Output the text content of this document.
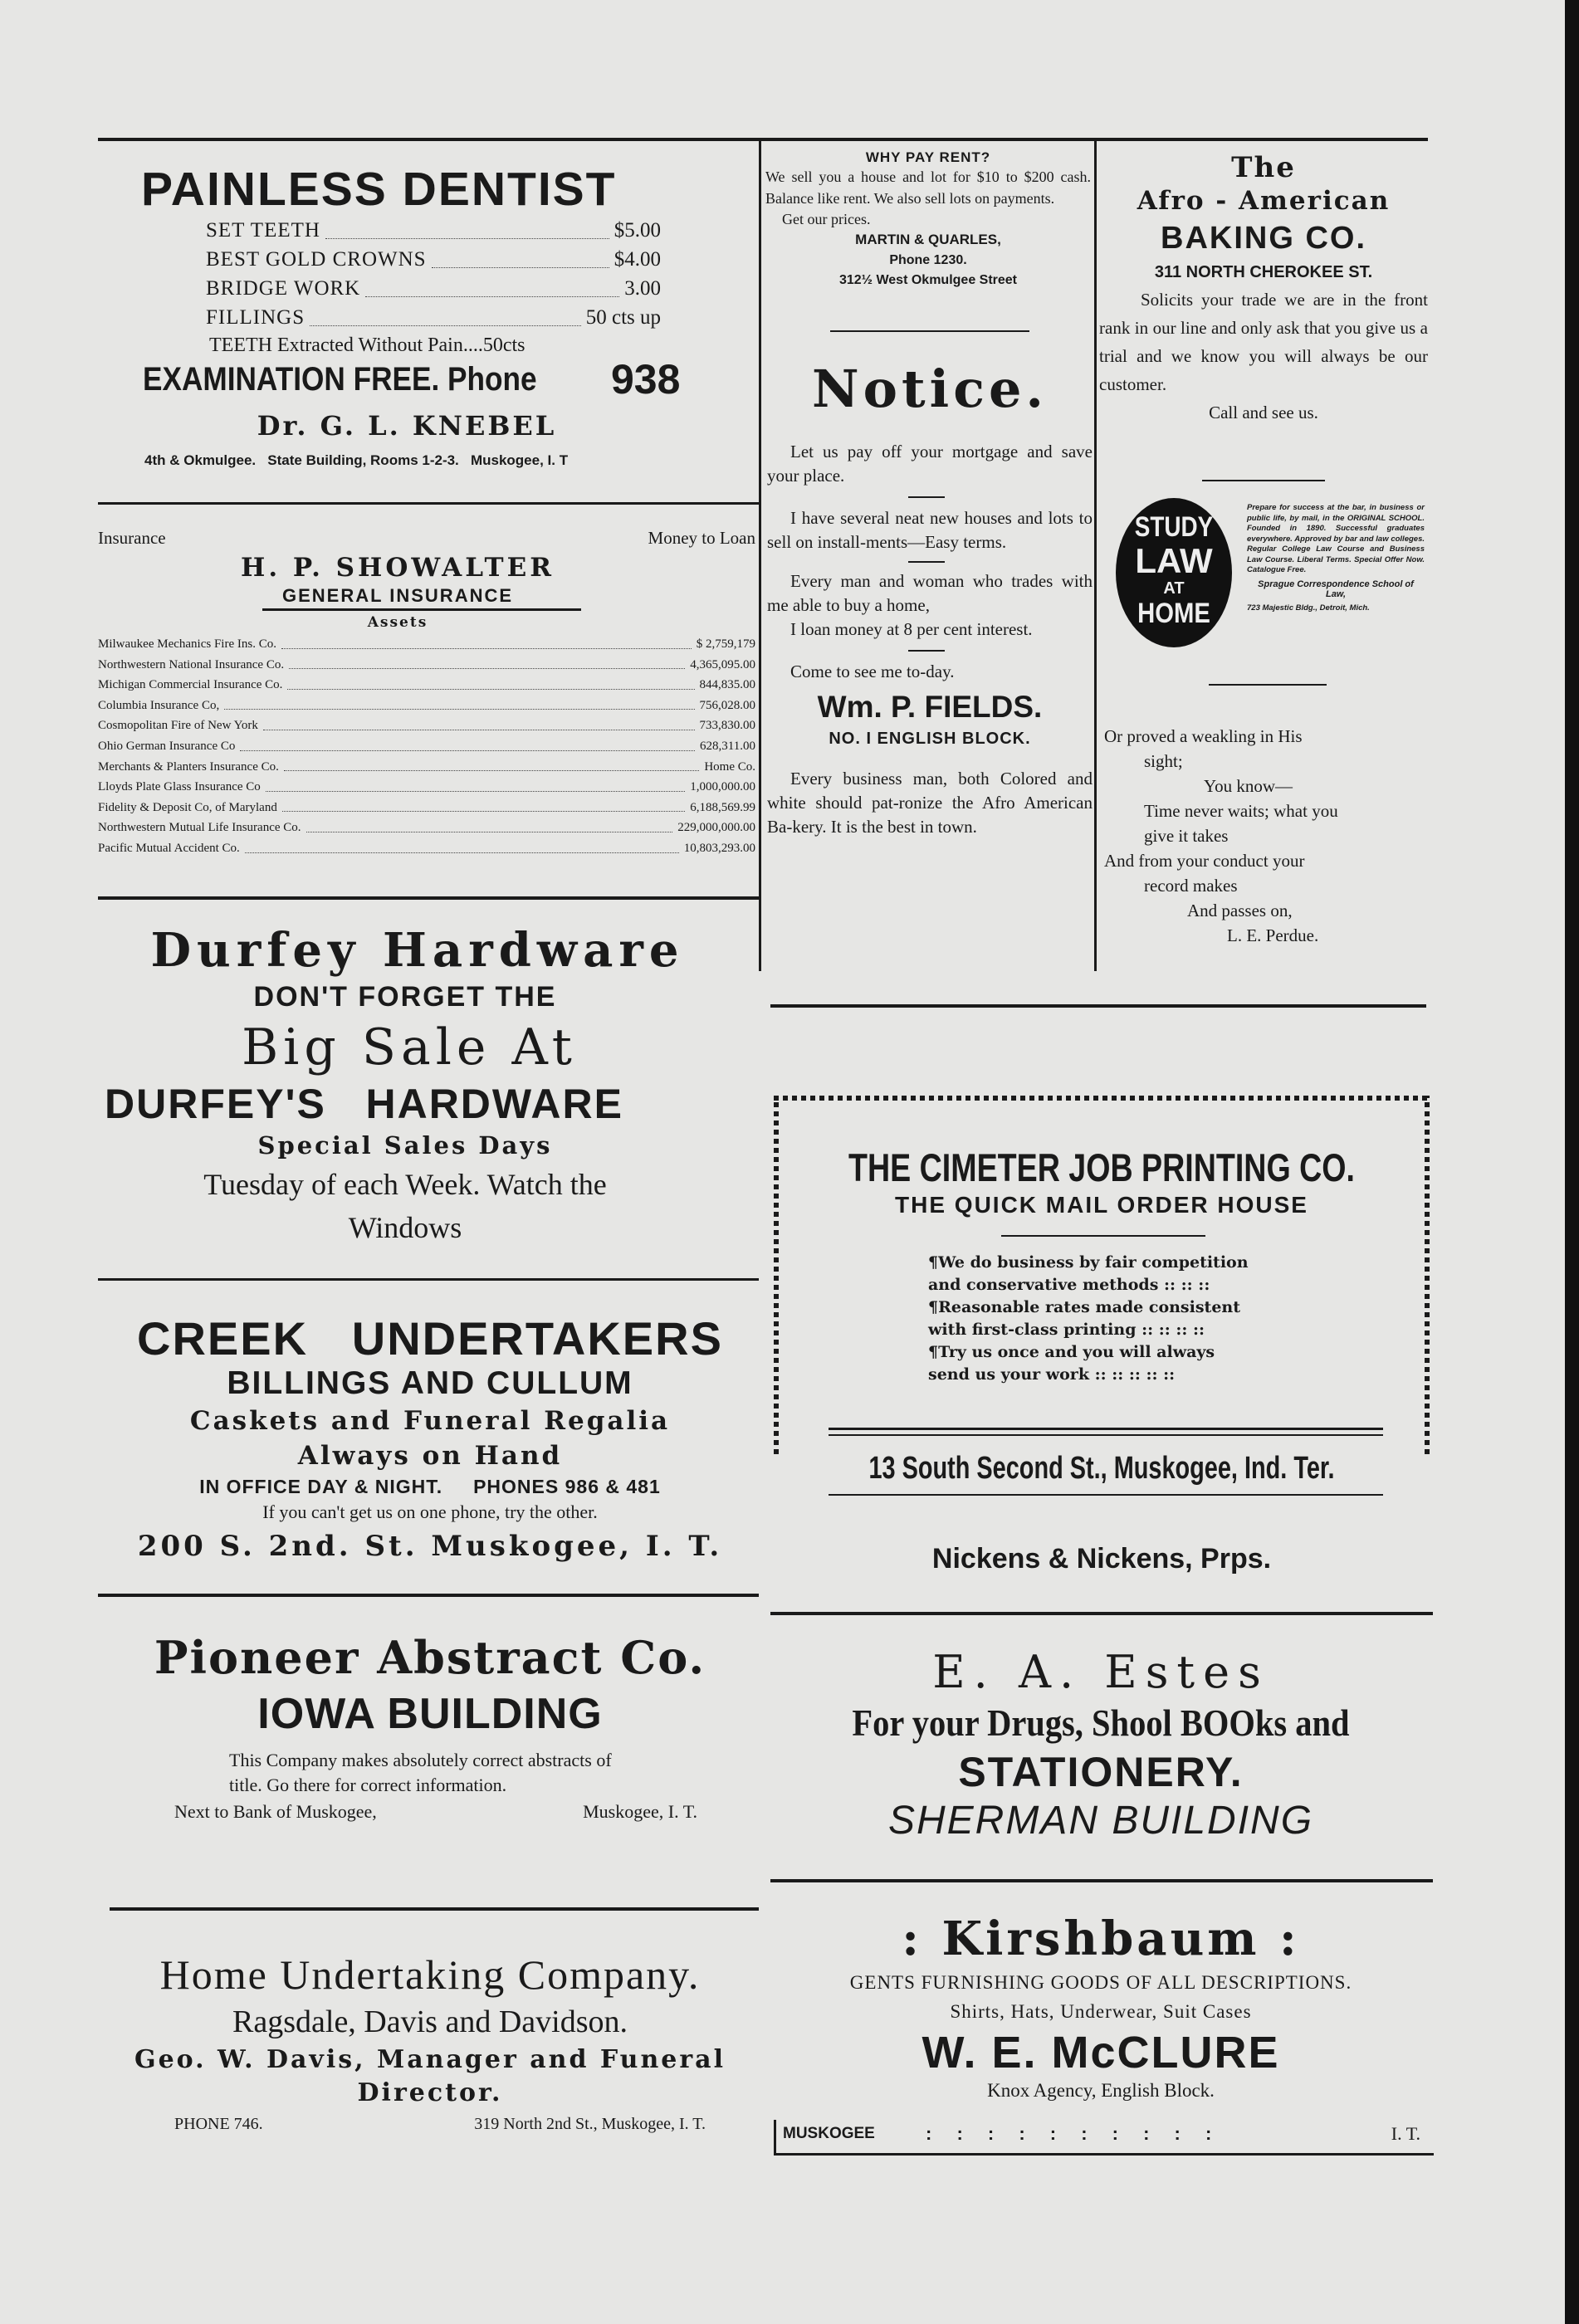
PAINLESS DENTIST
SET TEETH	$5.00
BEST GOLD CROWNS	$4.00
BRIDGE WORK	3.00
FILLINGS	50 cts up
TEETH Extracted Without Pain....50cts
EXAMINATION FREE. Phone 938
Dr. G. L. KNEBEL
4th & Okmulgee.   State Building, Rooms 1-2-3.   Muskogee, I. T
WHY PAY RENT?
We sell you a house and lot for $10 to $200 cash. Balance like rent. We also sell lots on payments.
Get our prices.
MARTIN & QUARLES,
Phone 1230.
312½ West Okmulgee Street
Notice.
Let us pay off your mortgage and save your place.
I have several neat new houses and lots to sell on install-ments—Easy terms.
Every man and woman who trades with me able to buy a home,
I loan money at 8 per cent interest.
Come to see me to-day.
Wm. P. FIELDS.
NO. I ENGLISH BLOCK.
Every business man, both Colored and white should pat-ronize the Afro American Ba-kery. It is the best in town.
The
Afro - American
BAKING CO.
311 NORTH CHEROKEE ST.
Solicits your trade we are in the front rank in our line and only ask that you give us a trial and we know you will always be our customer.
Call and see us.
STUDY
LAW
AT
HOME
Prepare for success at the bar, in business or public life, by mail, in the ORIGINAL SCHOOL. Founded in 1890. Successful graduates everywhere. Approved by bar and law colleges. Regular College Law Course and Business Law Course. Liberal Terms. Special Offer Now. Catalogue Free.
Sprague Correspondence School of Law,
723 Majestic Bldg., Detroit, Mich.
Or proved a weakling in His
sight;
You know—
Time never waits; what you
give it takes
And from your conduct your
record makes
And passes on,
L. E. Perdue.
Insurance	Money to Loan
H. P. SHOWALTER
GENERAL INSURANCE
Assets
Milwaukee Mechanics Fire Ins. Co.	$ 2,759,179
Northwestern National Insurance Co.	4,365,095.00
Michigan Commercial Insurance Co.	844,835.00
Columbia Insurance Co,	756,028.00
Cosmopolitan Fire of New York	733,830.00
Ohio German Insurance Co	628,311.00
Merchants & Planters Insurance Co.	Home Co.
Lloyds Plate Glass Insurance Co	1,000,000.00
Fidelity & Deposit Co, of Maryland	6,188,569.99
Northwestern Mutual Life Insurance Co.	229,000,000.00
Pacific Mutual Accident Co.	10,803,293.00
Durfey Hardware
DON'T FORGET THE
Big Sale At
DURFEY'S   HARDWARE
Special Sales Days
Tuesday of each Week. Watch the
Windows
THE CIMETER JOB PRINTING CO.
THE QUICK MAIL ORDER HOUSE
¶We do business by fair competition
and conservative methods :: :: ::
¶Reasonable rates made consistent
with first-class printing :: :: :: ::
¶Try us once and you will always
send us your work :: :: :: :: ::
13 South Second St., Muskogee, Ind. Ter.
Nickens & Nickens, Prps.
CREEK   UNDERTAKERS
BILLINGS AND CULLUM
Caskets and Funeral Regalia
Always on Hand
IN OFFICE DAY & NIGHT.     PHONES 986 & 481
If you can't get us on one phone, try the other.
200 S. 2nd. St. Muskogee, I. T.
Pioneer Abstract Co.
IOWA BUILDING
This Company makes absolutely correct abstracts of title. Go there for correct information.
Next to Bank of Muskogee,	Muskogee, I. T.
E. A. Estes
For your Drugs, Shool BOOks and
STATIONERY.
SHERMAN BUILDING
Home Undertaking Company.
Ragsdale, Davis and Davidson.
Geo. W. Davis, Manager and Funeral Director.
PHONE 746.	319 North 2nd St., Muskogee, I. T.
: Kirshbaum :
GENTS FURNISHING GOODS OF ALL DESCRIPTIONS.
Shirts, Hats, Underwear, Suit Cases
W. E. McCLURE
Knox Agency, English Block.
MUSKOGEE	: : : : : : : : : :	I. T.
